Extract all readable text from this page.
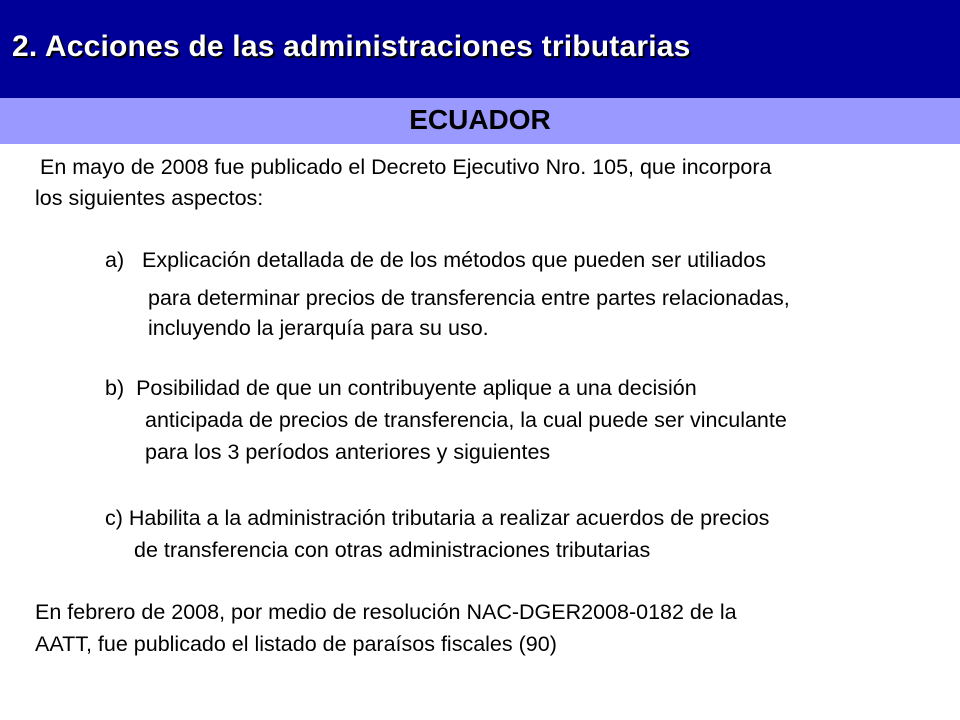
2. Acciones de las administraciones tributarias
ECUADOR
En mayo de 2008 fue publicado el Decreto Ejecutivo Nro. 105, que incorpora
los siguientes aspectos:
a)   Explicación detallada de de los métodos que pueden ser utiliados
para determinar precios de transferencia entre partes relacionadas,
incluyendo la jerarquía para su uso.
b)  Posibilidad de que un contribuyente aplique a una decisión
anticipada de precios de transferencia, la cual puede ser vinculante
para los 3 períodos anteriores y siguientes
c) Habilita a la administración tributaria a realizar acuerdos de precios
de transferencia con otras administraciones tributarias
En febrero de 2008, por medio de resolución NAC-DGER2008-0182 de la
AATT, fue publicado el listado de paraísos fiscales (90)
